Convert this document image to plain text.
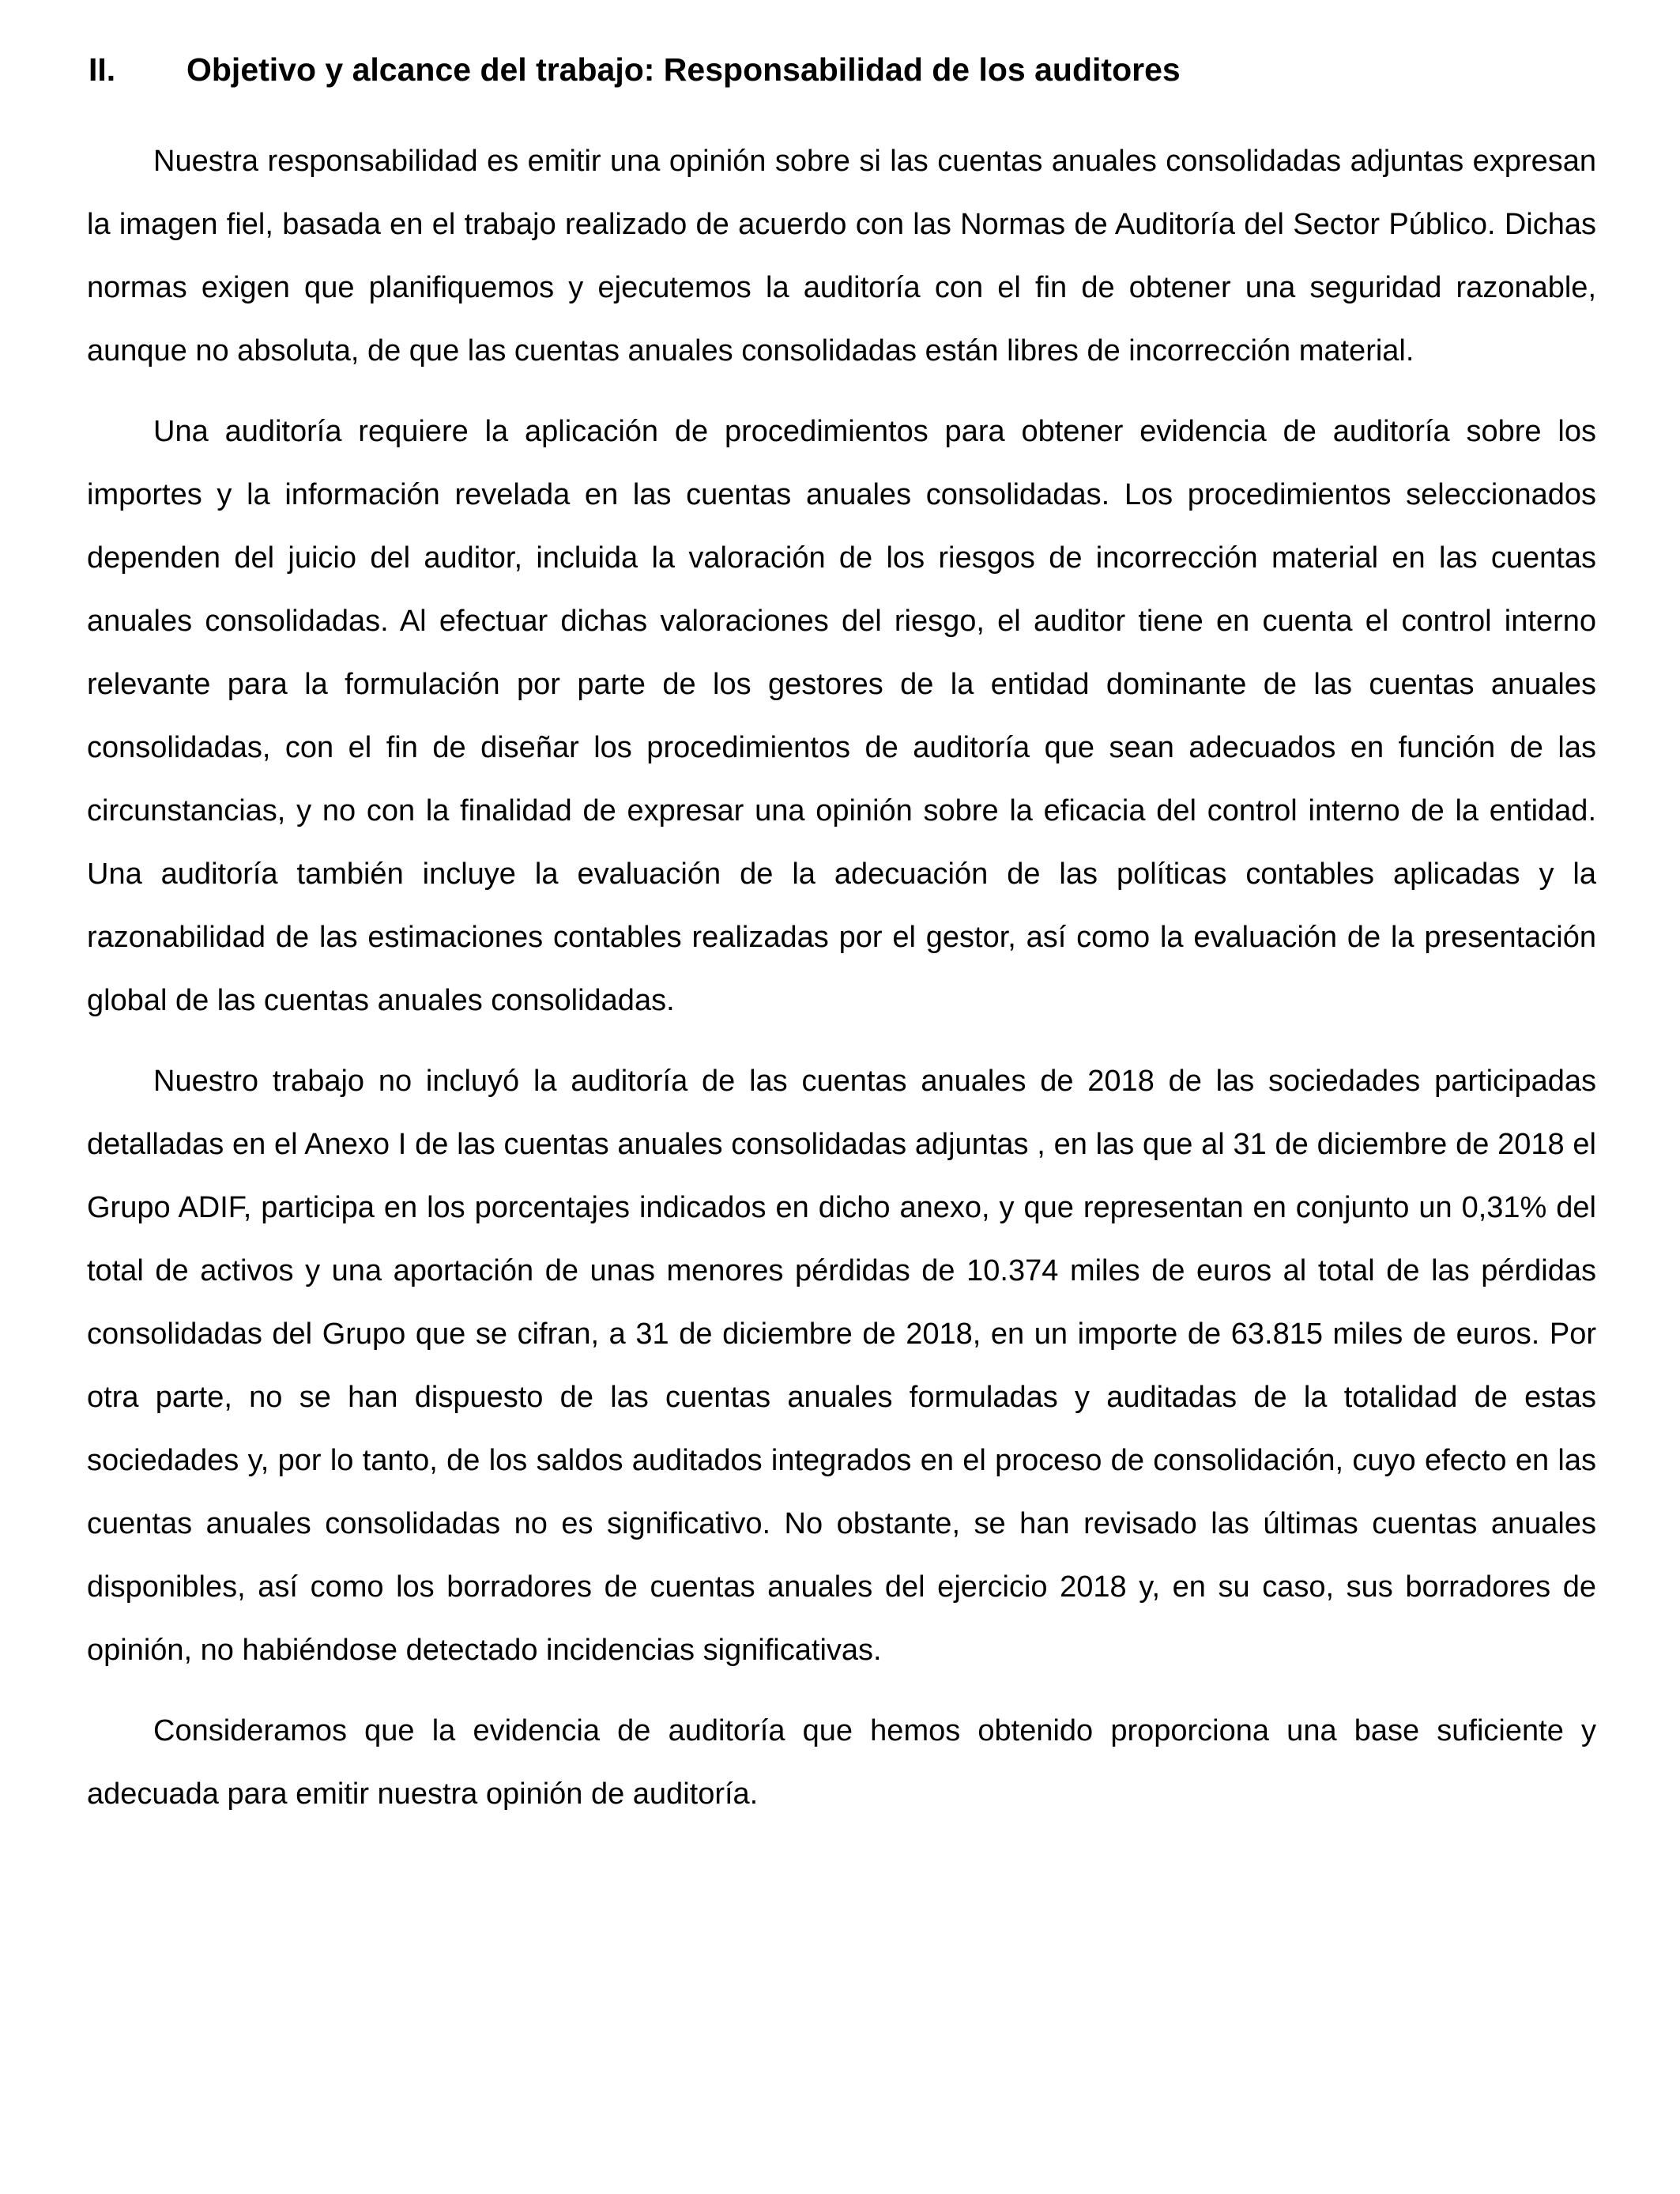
II.	Objetivo y alcance del trabajo: Responsabilidad de los auditores

Nuestra responsabilidad es emitir una opinión sobre si las cuentas anuales consolidadas adjuntas expresan la imagen fiel, basada en el trabajo realizado de acuerdo con las Normas de Auditoría del Sector Público. Dichas normas exigen que planifiquemos y ejecutemos la auditoría con el fin de obtener una seguridad razonable, aunque no absoluta, de que las cuentas anuales consolidadas están libres de incorrección material.

Una auditoría requiere la aplicación de procedimientos para obtener evidencia de auditoría sobre los importes y la información revelada en las cuentas anuales consolidadas. Los procedimientos seleccionados dependen del juicio del auditor, incluida la valoración de los riesgos de incorrección material en las cuentas anuales consolidadas. Al efectuar dichas valoraciones del riesgo, el auditor tiene en cuenta el control interno relevante para la formulación por parte de los gestores de la entidad dominante de las cuentas anuales consolidadas, con el fin de diseñar los procedimientos de auditoría que sean adecuados en función de las circunstancias, y no con la finalidad de expresar una opinión sobre la eficacia del control interno de la entidad. Una auditoría también incluye la evaluación de la adecuación de las políticas contables aplicadas y la razonabilidad de las estimaciones contables realizadas por el gestor, así como la evaluación de la presentación global de las cuentas anuales consolidadas.

Nuestro trabajo no incluyó la auditoría de las cuentas anuales de 2018 de las sociedades participadas detalladas en el Anexo I de las cuentas anuales consolidadas adjuntas , en las que al 31 de diciembre de 2018 el Grupo ADIF, participa en los porcentajes indicados en dicho anexo, y que representan en conjunto un 0,31% del total de activos y una aportación de unas menores pérdidas de 10.374 miles de euros al total de las pérdidas consolidadas del Grupo que se cifran, a 31 de diciembre de 2018, en un importe de 63.815 miles de euros. Por otra parte, no se han dispuesto de las cuentas anuales formuladas y auditadas de la totalidad de estas sociedades y, por lo tanto, de los saldos auditados integrados en el proceso de consolidación, cuyo efecto en las cuentas anuales consolidadas no es significativo. No obstante, se han revisado las últimas cuentas anuales disponibles, así como los borradores de cuentas anuales del ejercicio 2018 y, en su caso, sus borradores de opinión, no habiéndose detectado incidencias significativas.

Consideramos que la evidencia de auditoría que hemos obtenido proporciona una base suficiente y adecuada para emitir nuestra opinión de auditoría.
